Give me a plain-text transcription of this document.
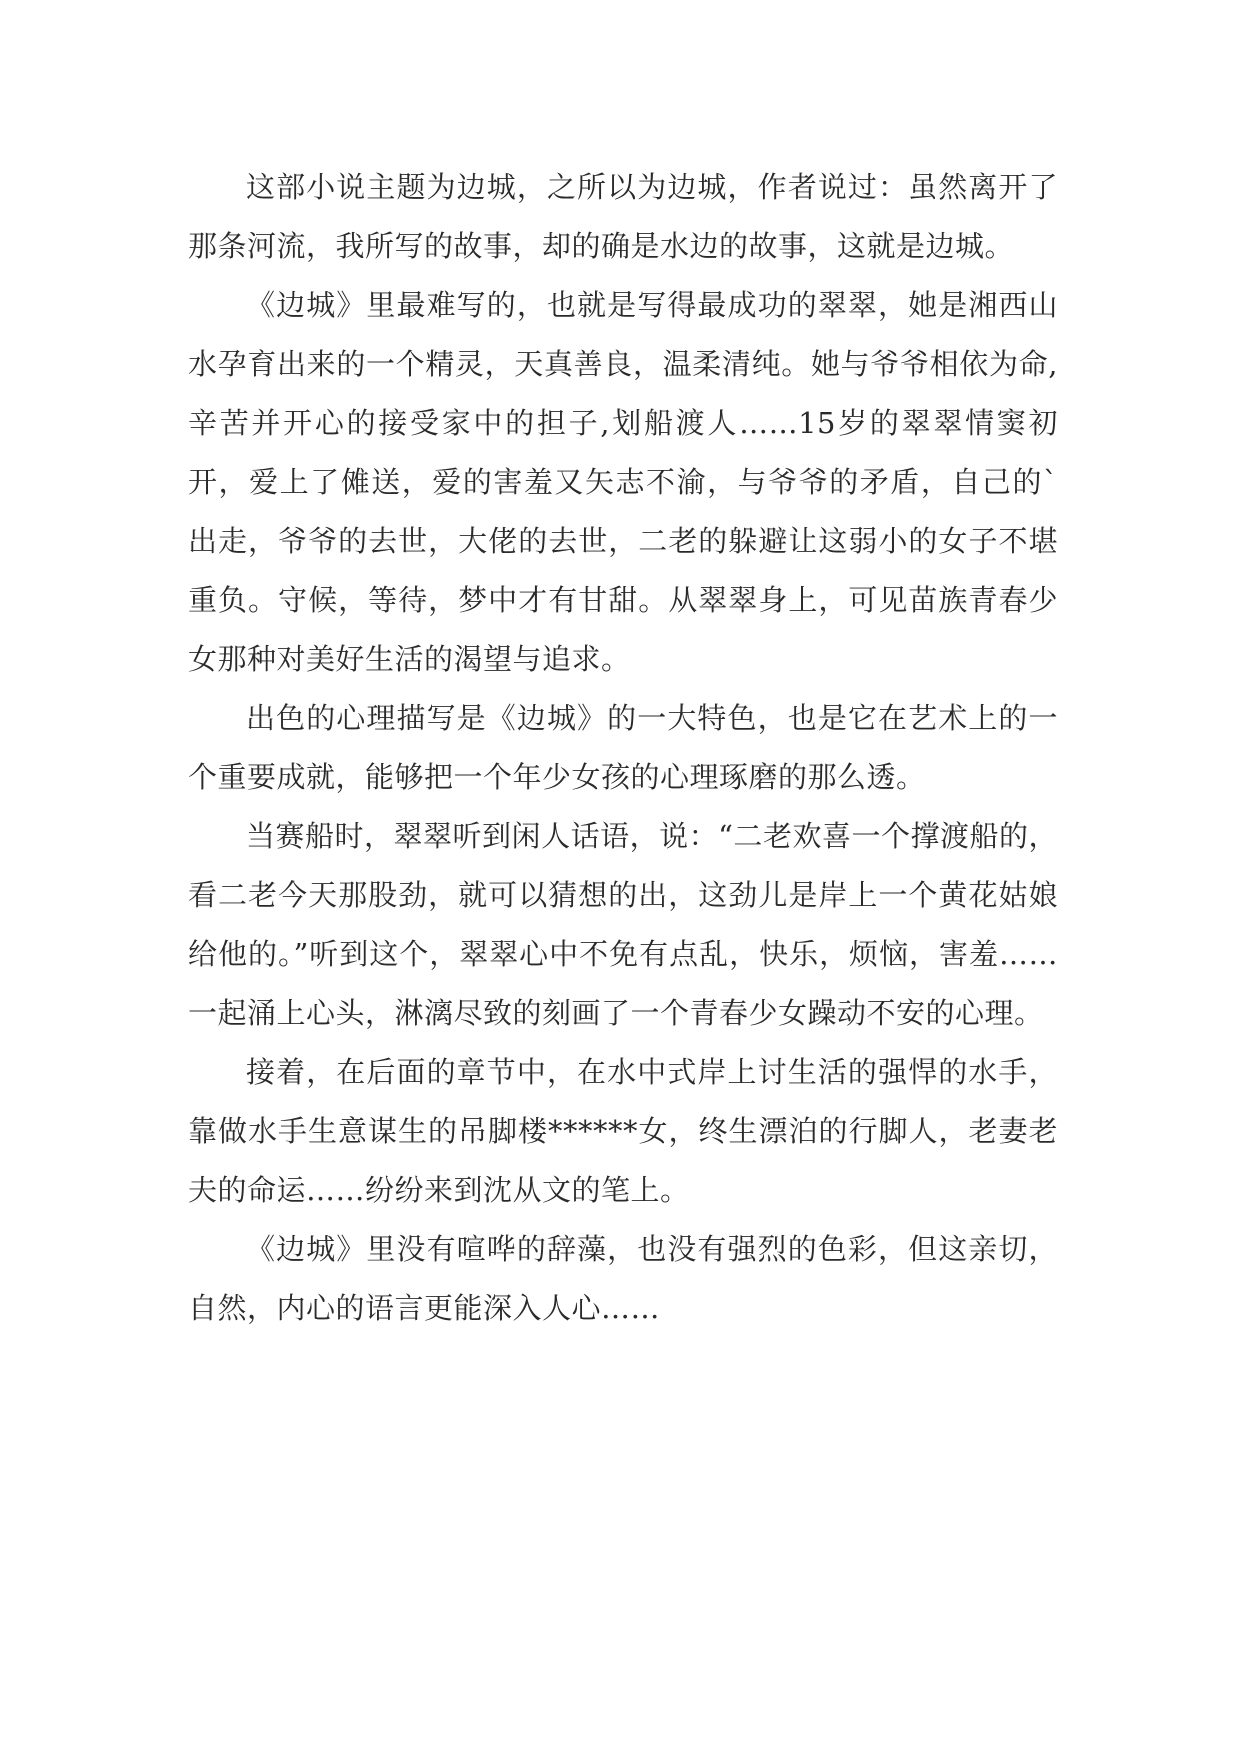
这部小说主题为边城，之所以为边城，作者说过：虽然离开了那条河流，我所写的故事，却的确是水边的故事，这就是边城。

《边城》里最难写的，也就是写得最成功的翠翠，她是湘西山水孕育出来的一个精灵，天真善良，温柔清纯。她与爷爷相依为命,辛苦并开心的接受家中的担子,划船渡人……15岁的翠翠情窦初开，爱上了傩送，爱的害羞又矢志不渝，与爷爷的矛盾，自己的`出走，爷爷的去世，大佬的去世，二老的躲避让这弱小的女子不堪重负。守候，等待，梦中才有甘甜。从翠翠身上，可见苗族青春少女那种对美好生活的渴望与追求。

出色的心理描写是《边城》的一大特色，也是它在艺术上的一个重要成就，能够把一个年少女孩的心理琢磨的那么透。

当赛船时，翠翠听到闲人话语，说：“二老欢喜一个撑渡船的，看二老今天那股劲，就可以猜想的出，这劲儿是岸上一个黄花姑娘给他的。”听到这个，翠翠心中不免有点乱，快乐，烦恼，害羞……一起涌上心头，淋漓尽致的刻画了一个青春少女躁动不安的心理。

接着，在后面的章节中，在水中式岸上讨生活的强悍的水手，靠做水手生意谋生的吊脚楼******女，终生漂泊的行脚人，老妻老夫的命运……纷纷来到沈从文的笔上。

《边城》里没有喧哗的辞藻，也没有强烈的色彩，但这亲切，自然，内心的语言更能深入人心……
